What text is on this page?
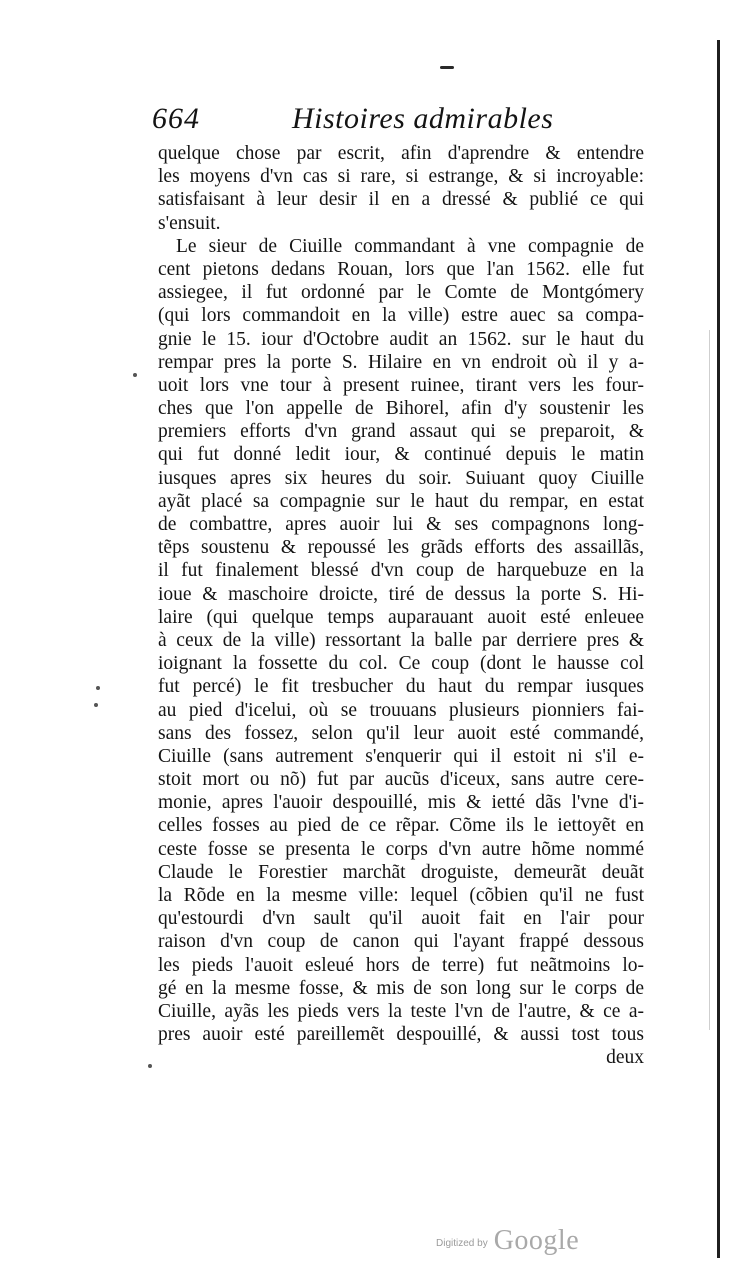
664	Histoires admirables
quelque chose par escrit, afin d'aprendre & entendre
les moyens d'vn cas si rare, si estrange, & si incroyable:
satisfaisant à leur desir il en a dressé & publié ce qui
s'ensuit.
Le sieur de Ciuille commandant à vne compagnie de
cent pietons dedans Rouan, lors que l'an 1562. elle fut
assiegee, il fut ordonné par le Comte de Montgómery
(qui lors commandoit en la ville) estre auec sa compa-
gnie le 15. iour d'Octobre audit an 1562. sur le haut du
rempar pres la porte S. Hilaire en vn endroit où il y a-
uoit lors vne tour à present ruinee, tirant vers les four-
ches que l'on appelle de Bihorel, afin d'y soustenir les
premiers efforts d'vn grand assaut qui se preparoit, &
qui fut donné ledit iour, & continué depuis le matin
iusques apres six heures du soir. Suiuant quoy Ciuille
ayãt placé sa compagnie sur le haut du rempar, en estat
de combattre, apres auoir lui & ses compagnons long-
tẽps soustenu & repoussé les grãds efforts des assaillãs,
il fut finalement blessé d'vn coup de harquebuze en la
ioue & maschoire droicte, tiré de dessus la porte S. Hi-
laire (qui quelque temps auparauant auoit esté enleuee
à ceux de la ville) ressortant la balle par derriere pres &
ioignant la fossette du col. Ce coup (dont le hausse col
fut percé) le fit tresbucher du haut du rempar iusques
au pied d'icelui, où se trouuans plusieurs pionniers fai-
sans des fossez, selon qu'il leur auoit esté commandé,
Ciuille (sans autrement s'enquerir qui il estoit ni s'il e-
stoit mort ou nõ) fut par aucũs d'iceux, sans autre cere-
monie, apres l'auoir despouillé, mis & ietté dãs l'vne d'i-
celles fosses au pied de ce rẽpar. Cõme ils le iettoyẽt en
ceste fosse se presenta le corps d'vn autre hõme nommé
Claude le Forestier marchãt droguiste, demeurãt deuãt
la Rõde en la mesme ville: lequel (cõbien qu'il ne fust
qu'estourdi d'vn sault qu'il auoit fait en l'air pour
raison d'vn coup de canon qui l'ayant frappé dessous
les pieds l'auoit esleué hors de terre) fut neãtmoins lo-
gé en la mesme fosse, & mis de son long sur le corps de
Ciuille, ayãs les pieds vers la teste l'vn de l'autre, & ce a-
pres auoir esté pareillemẽt despouillé, & aussi tost tous
deux
Digitized by Google
